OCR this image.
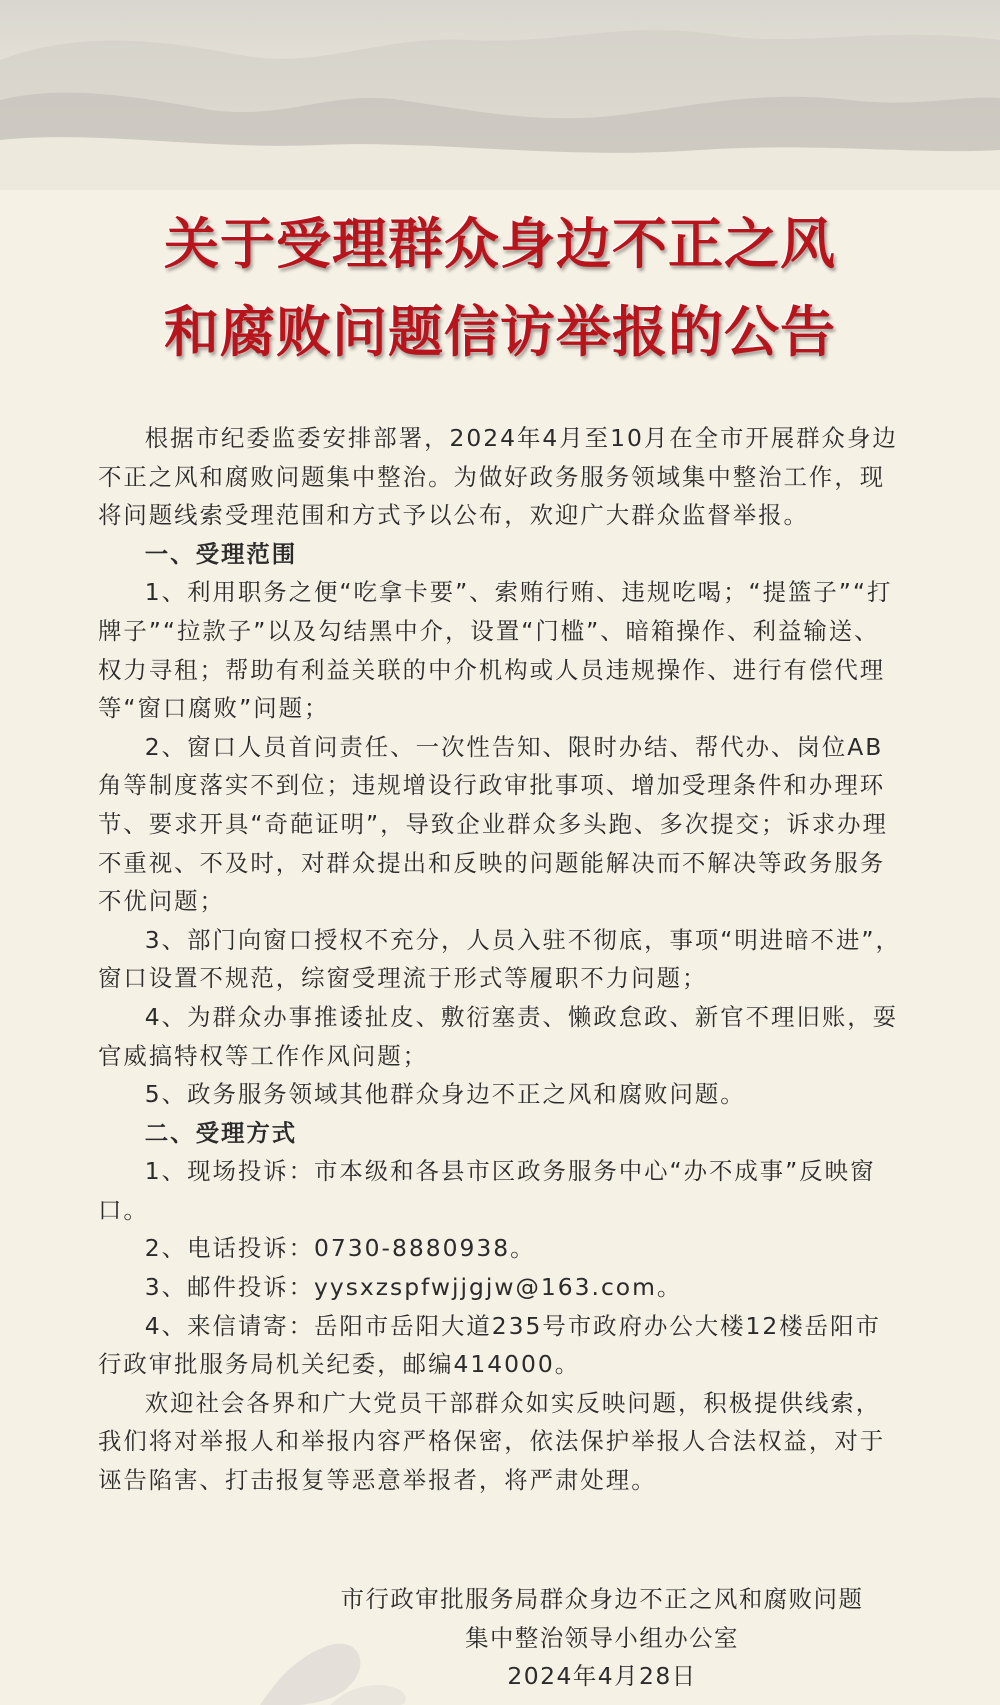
关于受理群众身边不正之风
和腐败问题信访举报的公告

根据市纪委监委安排部署，2024年4月至10月在全市开展群众身边不正之风和腐败问题集中整治。为做好政务服务领域集中整治工作，现将问题线索受理范围和方式予以公布，欢迎广大群众监督举报。

一、受理范围

1、利用职务之便“吃拿卡要”、索贿行贿、违规吃喝；“提篮子”“打牌子”“拉款子”以及勾结黑中介，设置“门槛”、暗箱操作、利益输送、权力寻租；帮助有利益关联的中介机构或人员违规操作、进行有偿代理等“窗口腐败”问题；

2、窗口人员首问责任、一次性告知、限时办结、帮代办、岗位AB角等制度落实不到位；违规增设行政审批事项、增加受理条件和办理环节、要求开具“奇葩证明”，导致企业群众多头跑、多次提交；诉求办理不重视、不及时，对群众提出和反映的问题能解决而不解决等政务服务不优问题；

3、部门向窗口授权不充分，人员入驻不彻底，事项“明进暗不进”，窗口设置不规范，综窗受理流于形式等履职不力问题；

4、为群众办事推诿扯皮、敷衍塞责、懒政怠政、新官不理旧账，耍官威搞特权等工作作风问题；

5、政务服务领域其他群众身边不正之风和腐败问题。

二、受理方式

1、现场投诉：市本级和各县市区政务服务中心“办不成事”反映窗口。

2、电话投诉：0730-8880938。

3、邮件投诉：yysxzspfwjjgjw@163.com。

4、来信请寄：岳阳市岳阳大道235号市政府办公大楼12楼岳阳市行政审批服务局机关纪委，邮编414000。

欢迎社会各界和广大党员干部群众如实反映问题，积极提供线索，我们将对举报人和举报内容严格保密，依法保护举报人合法权益，对于诬告陷害、打击报复等恶意举报者，将严肃处理。

市行政审批服务局群众身边不正之风和腐败问题
集中整治领导小组办公室
2024年4月28日
